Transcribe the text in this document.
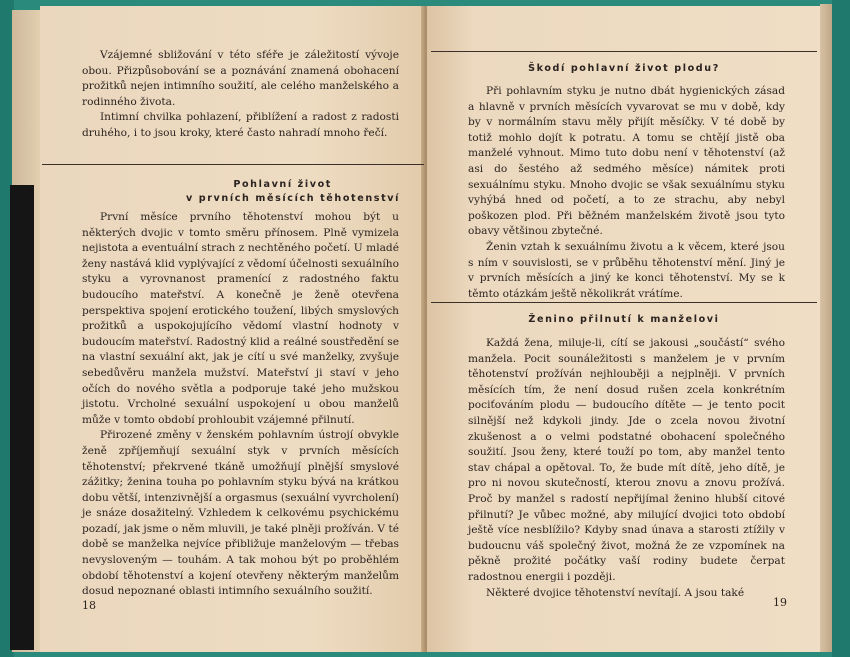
Vzájemné sbližování v této sféře je záležitostí vývoje obou. Přizpůsobování se a poznávání znamená obohacení prožitků nejen intimního soužití, ale celého manželského a rodinného života.

Intimní chvilka pohlazení, přiblížení a radost z radosti druhého, i to jsou kroky, které často nahradí mnoho řečí.

Pohlavní život
v prvních měsících těhotenství

První měsíce prvního těhotenství mohou být u některých dvojic v tomto směru přínosem. Plně vymizela nejistota a eventuální strach z nechtěného početí. U mladé ženy nastává klid vyplývající z vědomí účelnosti sexuálního styku a vyrovnanost pramenící z radostného faktu budoucího mateřství. A konečně je ženě otevřena perspektiva spojení erotického toužení, libých smyslových prožitků a uspokojujícího vědomí vlastní hodnoty v budoucím mateřství. Radostný klid a reálné soustředění se na vlastní sexuální akt, jak je cítí u své manželky, zvyšuje sebedůvěru manžela mužství. Mateřství ji staví v jeho očích do nového světla a podporuje také jeho mužskou jistotu. Vrcholné sexuální uspokojení u obou manželů může v tomto období prohloubit vzájemné přilnutí.

Přirozené změny v ženském pohlavním ústrojí obvykle ženě zpříjemňují sexuální styk v prvních měsících těhotenství; překrvené tkáně umožňují plnější smyslové zážitky; ženina touha po pohlavním styku bývá na krátkou dobu větší, intenzivnější a orgasmus (sexuální vyvrcholení) je snáze dosažitelný. Vzhledem k celkovému psychickému pozadí, jak jsme o něm mluvili, je také plněji prožíván. V té době se manželka nejvíce přibližuje manželovým — třebas nevysloveným — touhám. A tak mohou být po proběhlém období těhotenství a kojení otevřeny některým manželům dosud nepoznané oblasti intimního sexuálního soužití.

18
Škodí pohlavní život plodu?

Při pohlavním styku je nutno dbát hygienických zásad a hlavně v prvních měsících vyvarovat se mu v době, kdy by v normálním stavu měly přijít měsíčky. V té době by totiž mohlo dojít k potratu. A tomu se chtějí jistě oba manželé vyhnout. Mimo tuto dobu není v těhotenství (až asi do šestého až sedmého měsíce) námitek proti sexuálnímu styku. Mnoho dvojic se však sexuálnímu styku vyhýbá hned od početí, a to ze strachu, aby nebyl poškozen plod. Při běžném manželském životě jsou tyto obavy většinou zbytečné.

Ženin vztah k sexuálnímu životu a k věcem, které jsou s ním v souvislosti, se v průběhu těhotenství mění. Jiný je v prvních měsících a jiný ke konci těhotenství. My se k těmto otázkám ještě několikrát vrátíme.

Ženino přilnutí k manželovi

Každá žena, miluje-li, cítí se jakousi „součástí“ svého manžela. Pocit sounáležitosti s manželem je v prvním těhotenství prožíván nejhlouběji a nejplněji. V prvních měsících tím, že není dosud rušen zcela konkrétním pociťováním plodu — budoucího dítěte — je tento pocit silnější než kdykoli jindy. Jde o zcela novou životní zkušenost a o velmi podstatné obohacení společného soužití. Jsou ženy, které touží po tom, aby manžel tento stav chápal a opětoval. To, že bude mít dítě, jeho dítě, je pro ni novou skutečností, kterou znovu a znovu prožívá. Proč by manžel s radostí nepřijímal ženino hlubší citové přilnutí? Je vůbec možné, aby milující dvojici toto období ještě více nesblížilo? Kdyby snad únava a starosti ztížily v budoucnu váš společný život, možná že ze vzpomínek na pěkně prožité počátky vaší rodiny budete čerpat radostnou energii i později.

Některé dvojice těhotenství nevítají. A jsou také

19
